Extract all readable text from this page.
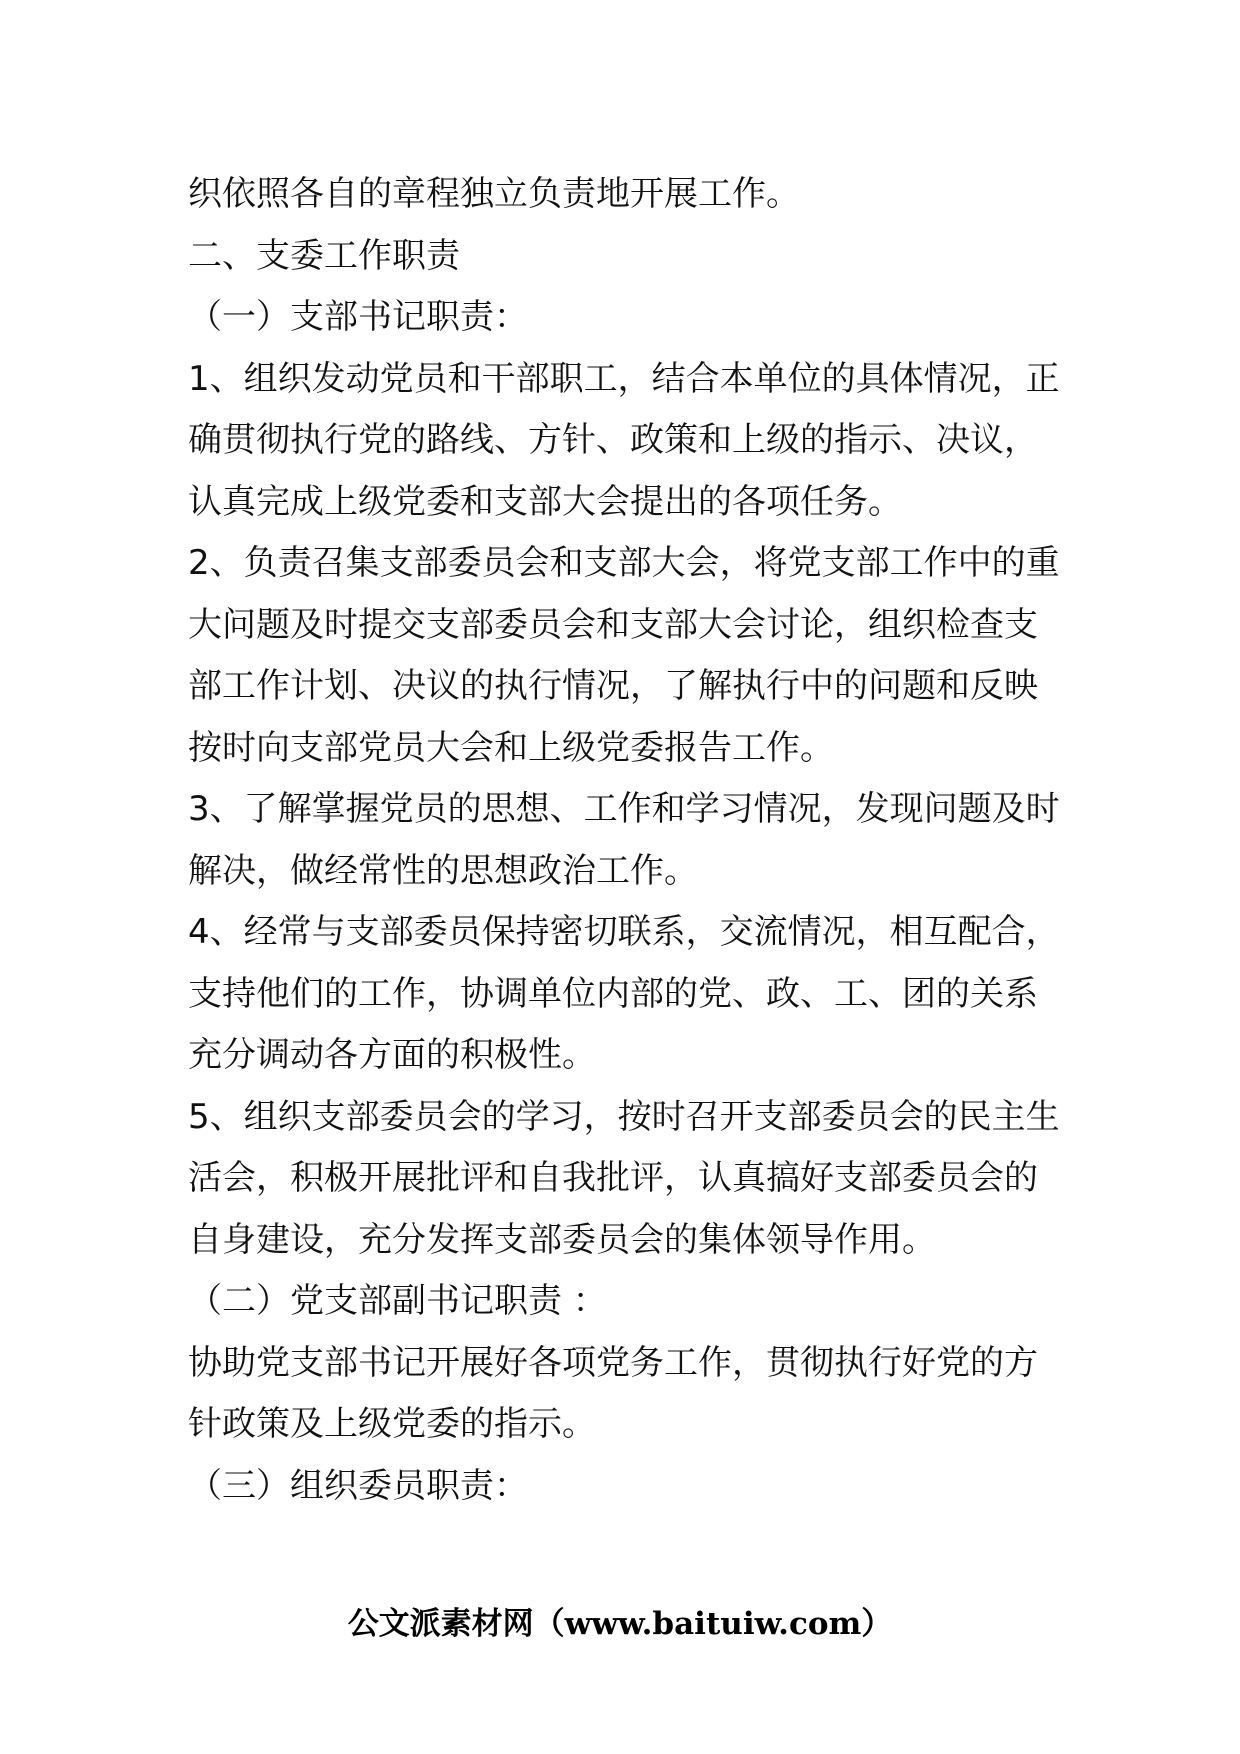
织依照各自的章程独立负责地开展工作。

二、支委工作职责

（一）支部书记职责：

1、组织发动党员和干部职工，结合本单位的具体情况，正

确贯彻执行党的路线、方针、政策和上级的指示、决议，

认真完成上级党委和支部大会提出的各项任务。

2、负责召集支部委员会和支部大会，将党支部工作中的重

大问题及时提交支部委员会和支部大会讨论，组织检查支

部工作计划、决议的执行情况，了解执行中的问题和反映

按时向支部党员大会和上级党委报告工作。

3、了解掌握党员的思想、工作和学习情况，发现问题及时

解决，做经常性的思想政治工作。

4、经常与支部委员保持密切联系，交流情况，相互配合，

支持他们的工作，协调单位内部的党、政、工、团的关系

充分调动各方面的积极性。

5、组织支部委员会的学习，按时召开支部委员会的民主生

活会，积极开展批评和自我批评，认真搞好支部委员会的

自身建设，充分发挥支部委员会的集体领导作用。

（二）党支部副书记职责 ：

协助党支部书记开展好各项党务工作，贯彻执行好党的方

针政策及上级党委的指示。

（三）组织委员职责：

公文派素材网（www.baituiw.com）
